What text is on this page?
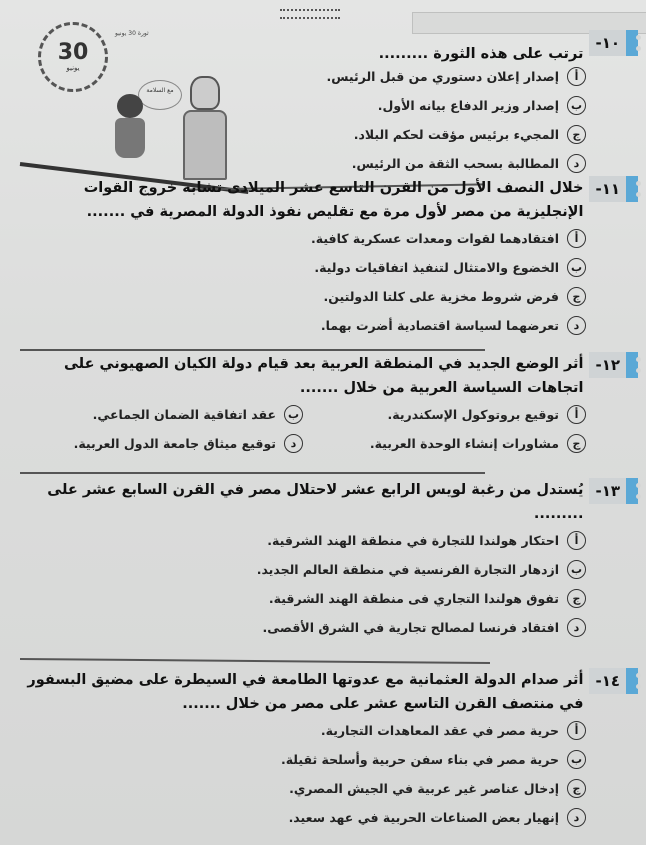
30
يونيو
ثورة 30 يونيو
مع السلامة
١٠-
ترتب على هذه الثورة .........
أ
إصدار إعلان دستوري من قبل الرئيس.
ب
إصدار وزير الدفاع بيانه الأول.
ج
المجيء برئيس مؤقت لحكم البلاد.
د
المطالبة بسحب الثقة من الرئيس.
١١-
خلال النصف الأول من القرن التاسع عشر الميلادى تشابه خروج القوات الإنجليزية من مصر لأول مرة مع تقليص نفوذ الدولة المصرية في .......
أ
افتقادهما لقوات ومعدات عسكرية كافية.
ب
الخضوع والامتثال لتنفيذ اتفاقيات دولية.
ج
فرض شروط مخزية على كلتا الدولتين.
د
تعرضهما لسياسة اقتصادية أضرت بهما.
١٢-
أثر الوضع الجديد في المنطقة العربية بعد قيام دولة الكيان الصهيوني على اتجاهات السياسة العربية من خلال .......
أ
توقيع بروتوكول الإسكندرية.
ب
عقد اتفاقية الضمان الجماعي.
ج
مشاورات إنشاء الوحدة العربية.
د
توقيع ميثاق جامعة الدول العربية.
١٣-
يُستدل من رغبة لويس الرابع عشر لاحتلال مصر في القرن السابع عشر على .........
أ
احتكار هولندا للتجارة في منطقة الهند الشرقية.
ب
ازدهار التجارة الفرنسية في منطقة العالم الجديد.
ج
تفوق هولندا التجاري فى منطقة الهند الشرقية.
د
افتقاد فرنسا لمصالح تجارية في الشرق الأقصى.
١٤-
أثر صدام الدولة العثمانية مع عدوتها الطامعة في السيطرة على مضيق البسفور في منتصف القرن التاسع عشر على مصر من خلال .......
أ
حرية مصر في عقد المعاهدات التجارية.
ب
حرية مصر في بناء سفن حربية وأسلحة ثقيلة.
ج
إدخال عناصر غير عربية في الجيش المصري.
د
إنهيار بعض الصناعات الحربية في عهد سعيد.
